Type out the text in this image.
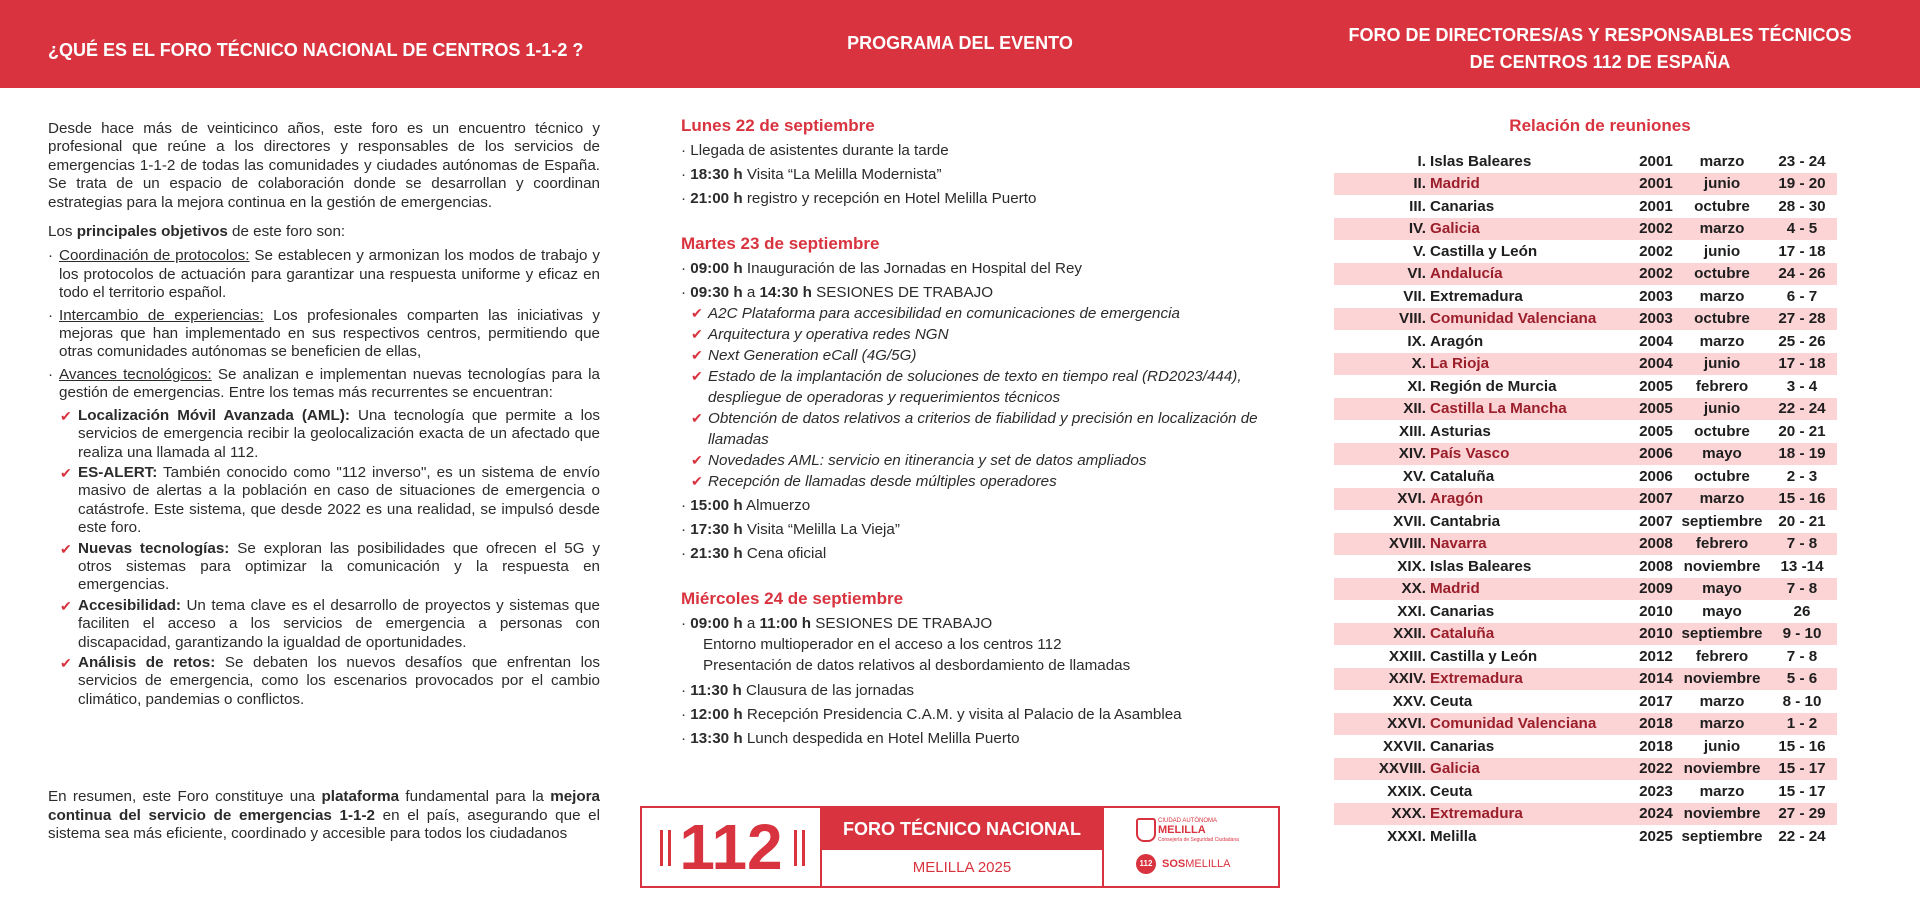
¿QUÉ ES EL FORO TÉCNICO NACIONAL DE CENTROS 1-1-2 ?	PROGRAMA DEL EVENTO	FORO DE DIRECTORES/AS Y RESPONSABLES TÉCNICOS
DE CENTROS 112 DE ESPAÑA

Desde hace más de veinticinco años, este foro es un encuentro técnico y profesional que reúne a los directores y responsables de los servicios de emergencias 1-1-2 de todas las comunidades y ciudades autónomas de España. Se trata de un espacio de colaboración donde se desarrollan y coordinan estrategias para la mejora continua en la gestión de emergencias.

Los principales objetivos de este foro son:

· Coordinación de protocolos: Se establecen y armonizan los modos de trabajo y los protocolos de actuación para garantizar una respuesta uniforme y eficaz en todo el territorio español.
· Intercambio de experiencias: Los profesionales comparten las iniciativas y mejoras que han implementado en sus respectivos centros, permitiendo que otras comunidades autónomas se beneficien de ellas,
· Avances tecnológicos: Se analizan e implementan nuevas tecnologías para la gestión de emergencias. Entre los temas más recurrentes se encuentran:
✔ Localización Móvil Avanzada (AML): Una tecnología que permite a los servicios de emergencia recibir la geolocalización exacta de un afectado que realiza una llamada al 112.
✔ ES-ALERT: También conocido como "112 inverso", es un sistema de envío masivo de alertas a la población en caso de situaciones de emergencia o catástrofe. Este sistema, que desde 2022 es una realidad, se impulsó desde este foro.
✔ Nuevas tecnologías: Se exploran las posibilidades que ofrecen el 5G y otros sistemas para optimizar la comunicación y la respuesta en emergencias.
✔ Accesibilidad: Un tema clave es el desarrollo de proyectos y sistemas que faciliten el acceso a los servicios de emergencia a personas con discapacidad, garantizando la igualdad de oportunidades.
✔ Análisis de retos: Se debaten los nuevos desafíos que enfrentan los servicios de emergencia, como los escenarios provocados por el cambio climático, pandemias o conflictos.

En resumen, este Foro constituye una plataforma fundamental para la mejora continua del servicio de emergencias 1-1-2 en el país, asegurando que el sistema sea más eficiente, coordinado y accesible para todos los ciudadanos

Lunes 22 de septiembre
· Llegada de asistentes durante la tarde
· 18:30 h Visita “La Melilla Modernista”
· 21:00 h registro y recepción en Hotel Melilla Puerto
Martes 23 de septiembre
· 09:00 h Inauguración de las Jornadas en Hospital del Rey
· 09:30 h a 14:30 h SESIONES DE TRABAJO
✔ A2C Plataforma para accesibilidad en comunicaciones de emergencia
✔ Arquitectura y operativa redes NGN
✔ Next Generation eCall (4G/5G)
✔ Estado de la implantación de soluciones de texto en tiempo real (RD2023/444), despliegue de operadoras y requerimientos técnicos
✔ Obtención de datos relativos a criterios de fiabilidad y precisión en localización de llamadas
✔ Novedades AML: servicio en itinerancia y set de datos ampliados
✔ Recepción de llamadas desde múltiples operadores
· 15:00 h Almuerzo
· 17:30 h Visita “Melilla La Vieja”
· 21:30 h Cena oficial
Miércoles 24 de septiembre
· 09:00 h a 11:00 h SESIONES DE TRABAJO
Entorno multioperador en el acceso a los centros 112
Presentación de datos relativos al desbordamiento de llamadas
· 11:30 h Clausura de las jornadas
· 12:00 h Recepción Presidencia C.A.M. y visita al Palacio de la Asamblea
· 13:30 h Lunch despedida en Hotel Melilla Puerto
112	FORO TÉCNICO NACIONAL
MELILLA 2025
CIUDAD AUTÓNOMA
MELILLA
Consejería de Seguridad Ciudadana
112 SOSMELILLA
Relación de reuniones
I.	Islas Baleares	2001	marzo	23 - 24
II.	Madrid	2001	junio	19 - 20
III.	Canarias	2001	octubre	28 - 30
IV.	Galicia	2002	marzo	4 - 5
V.	Castilla y León	2002	junio	17 - 18
VI.	Andalucía	2002	octubre	24 - 26
VII.	Extremadura	2003	marzo	6 - 7
VIII.	Comunidad Valenciana	2003	octubre	27 - 28
IX.	Aragón	2004	marzo	25 - 26
X.	La Rioja	2004	junio	17 - 18
XI.	Región de Murcia	2005	febrero	3 - 4
XII.	Castilla La Mancha	2005	junio	22 - 24
XIII.	Asturias	2005	octubre	20 - 21
XIV.	País Vasco	2006	mayo	18 - 19
XV.	Cataluña	2006	octubre	2 - 3
XVI.	Aragón	2007	marzo	15 - 16
XVII.	Cantabria	2007	septiembre	20 - 21
XVIII.	Navarra	2008	febrero	7 - 8
XIX.	Islas Baleares	2008	noviembre	13 -14
XX.	Madrid	2009	mayo	7 - 8
XXI.	Canarias	2010	mayo	26
XXII.	Cataluña	2010	septiembre	9 - 10
XXIII.	Castilla y León	2012	febrero	7 - 8
XXIV.	Extremadura	2014	noviembre	5 - 6
XXV.	Ceuta	2017	marzo	8 - 10
XXVI.	Comunidad Valenciana	2018	marzo	1 - 2
XXVII.	Canarias	2018	junio	15 - 16
XXVIII.	Galicia	2022	noviembre	15 - 17
XXIX.	Ceuta	2023	marzo	15 - 17
XXX.	Extremadura	2024	noviembre	27 - 29
XXXI.	Melilla	2025	septiembre	22 - 24
